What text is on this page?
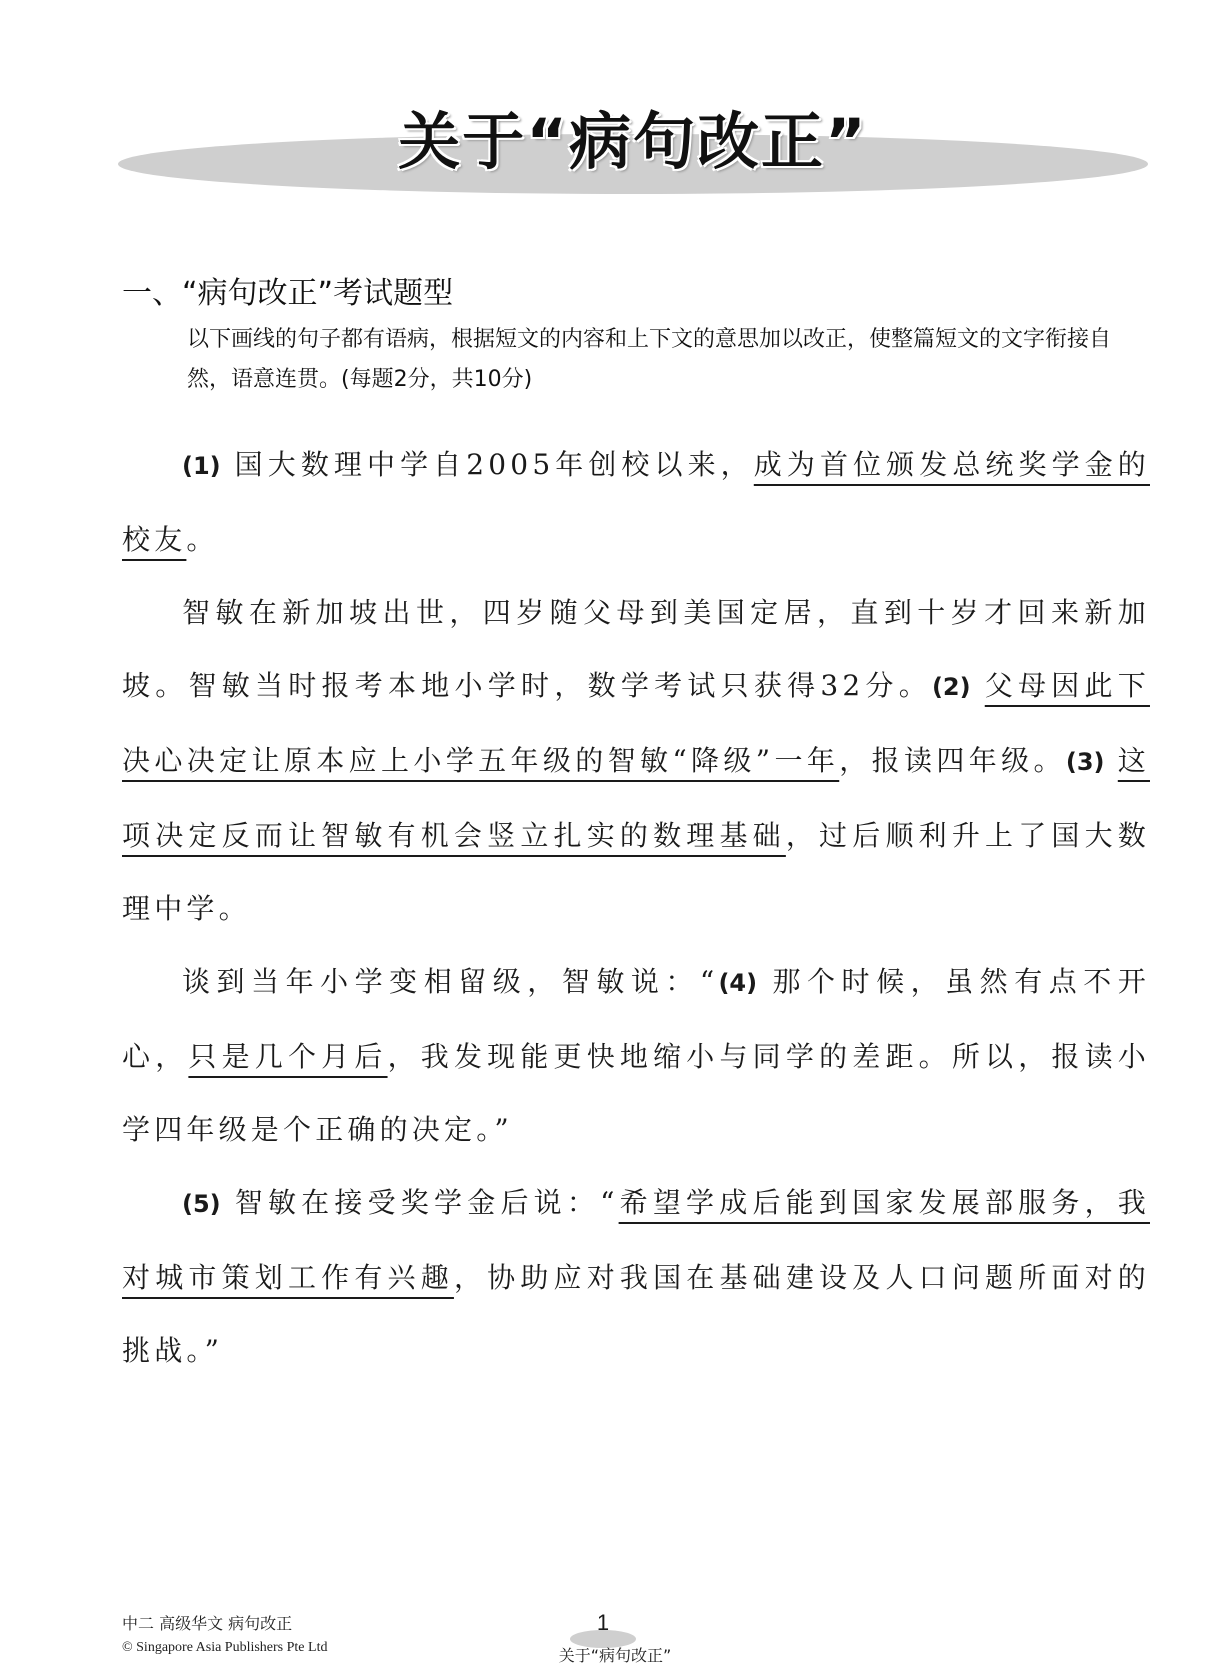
关于“病句改正”
一、“病句改正”考试题型
以下画线的句子都有语病，根据短文的内容和上下文的意思加以改正，使整篇短文的文字衔接自然，语意连贯。(每题2分，共10分)

(1) 国大数理中学自2005年创校以来，成为首位颁发总统奖学金的校友。

智敏在新加坡出世，四岁随父母到美国定居，直到十岁才回来新加坡。智敏当时报考本地小学时，数学考试只获得32分。(2) 父母因此下决心决定让原本应上小学五年级的智敏“降级”一年，报读四年级。(3) 这项决定反而让智敏有机会竖立扎实的数理基础，过后顺利升上了国大数理中学。

谈到当年小学变相留级，智敏说：“(4) 那个时候，虽然有点不开心，只是几个月后，我发现能更快地缩小与同学的差距。所以，报读小学四年级是个正确的决定。”

(5) 智敏在接受奖学金后说：“希望学成后能到国家发展部服务，我对城市策划工作有兴趣，协助应对我国在基础建设及人口问题所面对的挑战。”

中二 高级华文 病句改正
© Singapore Asia Publishers Pte Ltd
1
关于“病句改正”
